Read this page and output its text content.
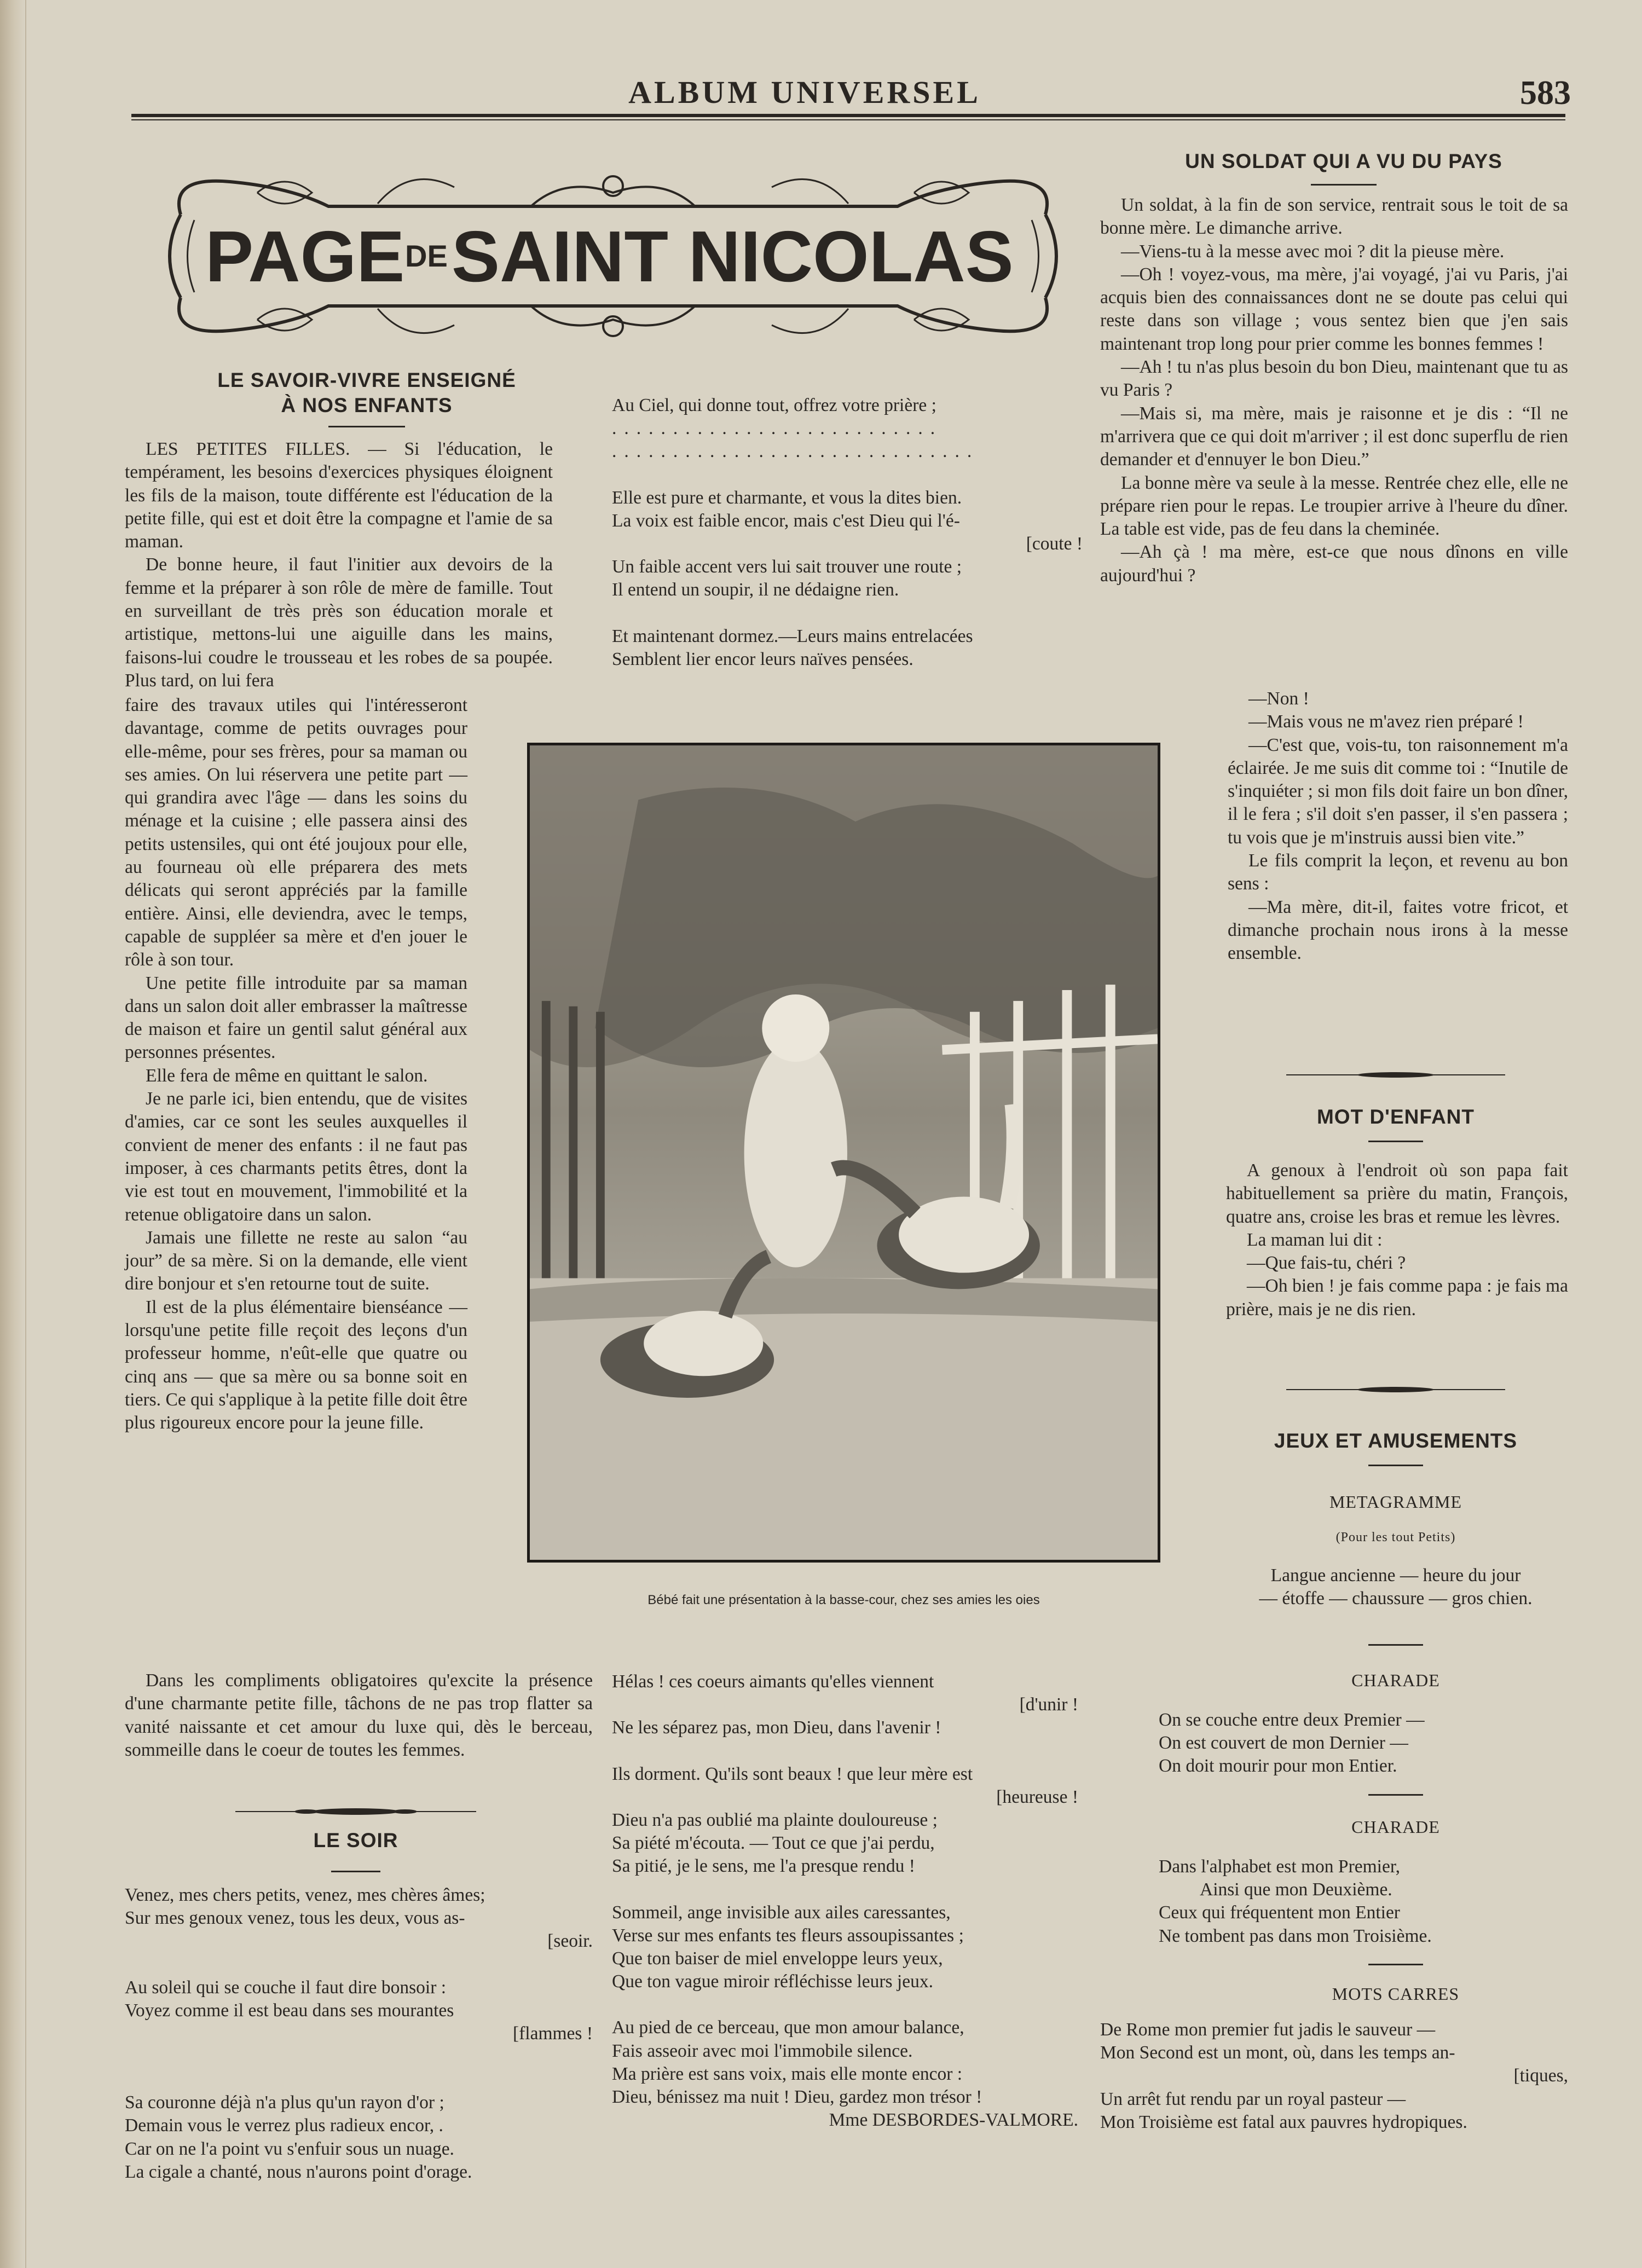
ALBUM UNIVERSEL	583
PAGE DE SAINT NICOLAS
LE SAVOIR-VIVRE ENSEIGNÉ
À NOS ENFANTS

LES PETITES FILLES. — Si l'éducation, le tempérament, les besoins d'exercices physiques éloignent les fils de la maison, toute différente est l'éducation de la petite fille, qui est et doit être la compagne et l'amie de sa maman.

De bonne heure, il faut l'initier aux devoirs de la femme et la préparer à son rôle de mère de famille. Tout en surveillant de très près son éducation morale et artistique, mettons-lui une aiguille dans les mains, faisons-lui coudre le trousseau et les robes de sa poupée. Plus tard, on lui fera

faire des travaux utiles qui l'intéresseront davantage, comme de petits ouvrages pour elle-même, pour ses frères, pour sa maman ou ses amies. On lui réservera une petite part — qui grandira avec l'âge — dans les soins du ménage et la cuisine ; elle passera ainsi des petits ustensiles, qui ont été joujoux pour elle, au fourneau où elle préparera des mets délicats qui seront appréciés par la famille entière. Ainsi, elle deviendra, avec le temps, capable de suppléer sa mère et d'en jouer le rôle à son tour.

Une petite fille introduite par sa maman dans un salon doit aller embrasser la maîtresse de maison et faire un gentil salut général aux personnes présentes.

Elle fera de même en quittant le salon.

Je ne parle ici, bien entendu, que de visites d'amies, car ce sont les seules auxquelles il convient de mener des enfants : il ne faut pas imposer, à ces charmants petits êtres, dont la vie est tout en mouvement, l'immobilité et la retenue obligatoire dans un salon.

Jamais une fillette ne reste au salon “au jour” de sa mère. Si on la demande, elle vient dire bonjour et s'en retourne tout de suite.

Il est de la plus élémentaire bienséance — lorsqu'une petite fille reçoit des leçons d'un professeur homme, n'eût-elle que quatre ou cinq ans — que sa mère ou sa bonne soit en tiers. Ce qui s'applique à la petite fille doit être plus rigoureux encore pour la jeune fille.

Dans les compliments obligatoires qu'excite la présence d'une charmante petite fille, tâchons de ne pas trop flatter sa vanité naissante et cet amour du luxe qui, dès le berceau, sommeille dans le coeur de toutes les femmes.

LE SOIR
Venez, mes chers petits, venez, mes chères âmes;
Sur mes genoux venez, tous les deux, vous as-
[seoir.
Au soleil qui se couche il faut dire bonsoir :
Voyez comme il est beau dans ses mourantes
[flammes !
Sa couronne déjà n'a plus qu'un rayon d'or ;
Demain vous le verrez plus radieux encor, .
Car on ne l'a point vu s'enfuir sous un nuage.
La cigale a chanté, nous n'aurons point d'orage.
Au Ciel, qui donne tout, offrez votre prière ;
...........................
..............................
Elle est pure et charmante, et vous la dites bien.
La voix est faible encor, mais c'est Dieu qui l'é-
[coute !
Un faible accent vers lui sait trouver une route ;
Il entend un soupir, il ne dédaigne rien.
Et maintenant dormez.—Leurs mains entrelacées
Semblent lier encor leurs naïves pensées.
Hélas ! ces coeurs aimants qu'elles viennent
[d'unir !
Ne les séparez pas, mon Dieu, dans l'avenir !
Ils dorment. Qu'ils sont beaux ! que leur mère est
[heureuse !
Dieu n'a pas oublié ma plainte douloureuse ;
Sa piété m'écouta. — Tout ce que j'ai perdu,
Sa pitié, je le sens, me l'a presque rendu !
Sommeil, ange invisible aux ailes caressantes,
Verse sur mes enfants tes fleurs assoupissantes ;
Que ton baiser de miel enveloppe leurs yeux,
Que ton vague miroir réfléchisse leurs jeux.
Au pied de ce berceau, que mon amour balance,
Fais asseoir avec moi l'immobile silence.
Ma prière est sans voix, mais elle monte encor :
Dieu, bénissez ma nuit ! Dieu, gardez mon trésor !
Mme DESBORDES-VALMORE.
Bébé fait une présentation à la basse-cour, chez ses amies les oies
UN SOLDAT QUI A VU DU PAYS

Un soldat, à la fin de son service, rentrait sous le toit de sa bonne mère. Le dimanche arrive.

—Viens-tu à la messe avec moi ? dit la pieuse mère.

—Oh ! voyez-vous, ma mère, j'ai voyagé, j'ai vu Paris, j'ai acquis bien des connaissances dont ne se doute pas celui qui reste dans son village ; vous sentez bien que j'en sais maintenant trop long pour prier comme les bonnes femmes !

—Ah ! tu n'as plus besoin du bon Dieu, maintenant que tu as vu Paris ?

—Mais si, ma mère, mais je raisonne et je dis : “Il ne m'arrivera que ce qui doit m'arriver ; il est donc superflu de rien demander et d'ennuyer le bon Dieu.”

La bonne mère va seule à la messe. Rentrée chez elle, elle ne prépare rien pour le repas. Le troupier arrive à l'heure du dîner. La table est vide, pas de feu dans la cheminée.

—Ah çà ! ma mère, est-ce que nous dînons en ville aujourd'hui ?

—Non !

—Mais vous ne m'avez rien préparé !

—C'est que, vois-tu, ton raisonnement m'a éclairée. Je me suis dit comme toi : “Inutile de s'inquiéter ; si mon fils doit faire un bon dîner, il le fera ; s'il doit s'en passer, il s'en passera ; tu vois que je m'instruis aussi bien vite.”

Le fils comprit la leçon, et revenu au bon sens :

—Ma mère, dit-il, faites votre fricot, et dimanche prochain nous irons à la messe ensemble.

MOT D'ENFANT

A genoux à l'endroit où son papa fait habituellement sa prière du matin, François, quatre ans, croise les bras et remue les lèvres.

La maman lui dit :

—Que fais-tu, chéri ?

—Oh bien ! je fais comme papa : je fais ma prière, mais je ne dis rien.

JEUX ET AMUSEMENTS
METAGRAMME
(Pour les tout Petits)
Langue ancienne — heure du jour
— étoffe — chaussure — gros chien.
CHARADE
On se couche entre deux Premier —
On est couvert de mon Dernier —
On doit mourir pour mon Entier.
CHARADE
Dans l'alphabet est mon Premier,
Ainsi que mon Deuxième.
Ceux qui fréquentent mon Entier
Ne tombent pas dans mon Troisième.
MOTS CARRES
De Rome mon premier fut jadis le sauveur —
Mon Second est un mont, où, dans les temps an-
[tiques,
Un arrêt fut rendu par un royal pasteur —
Mon Troisième est fatal aux pauvres hydropiques.
